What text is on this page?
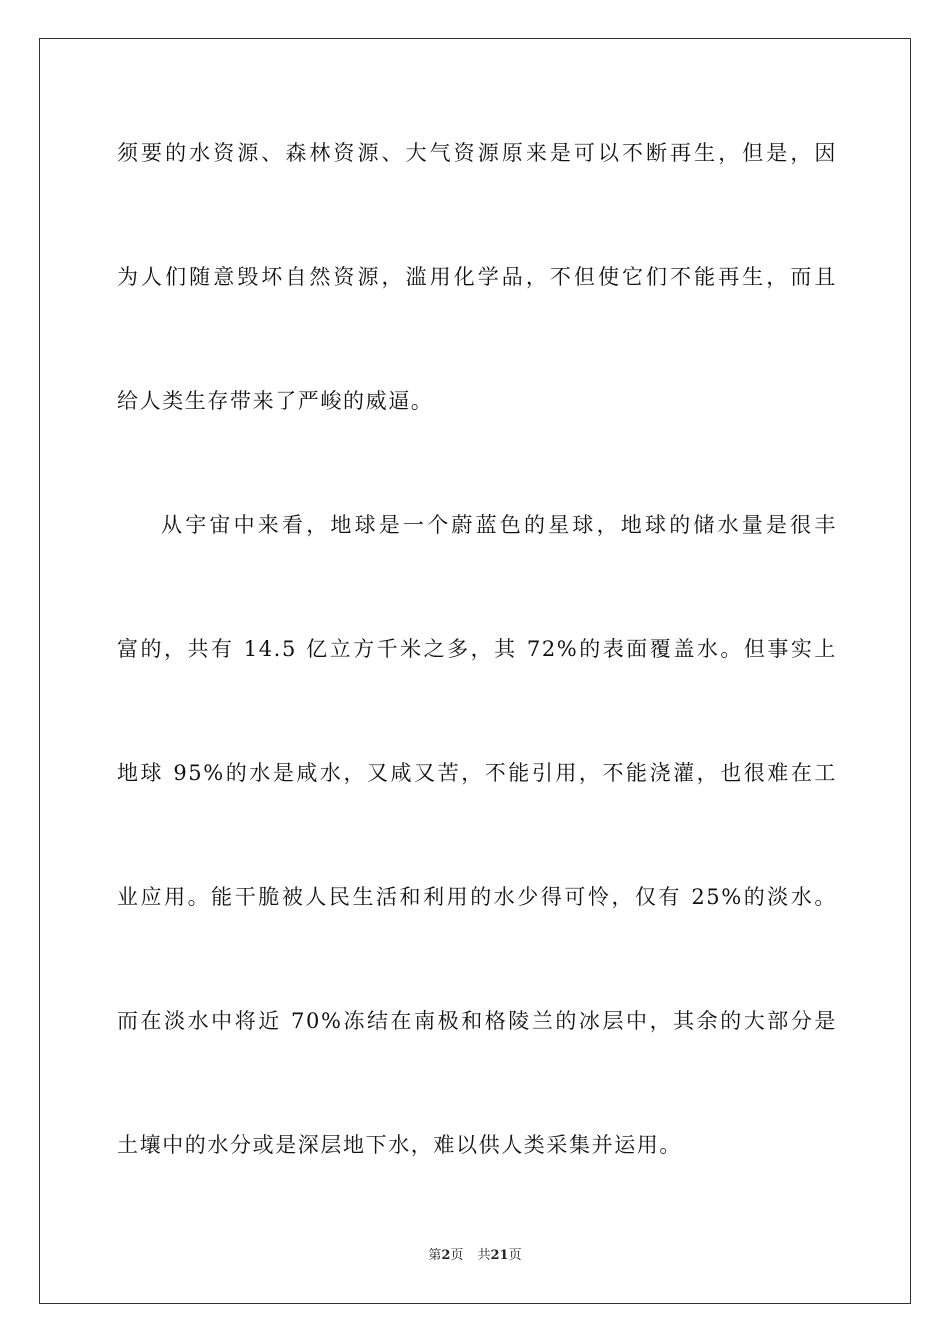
须要的水资源、森林资源、大气资源原来是可以不断再生，但是，因
为人们随意毁坏自然资源，滥用化学品，不但使它们不能再生，而且
给人类生存带来了严峻的威逼。
从宇宙中来看，地球是一个蔚蓝色的星球，地球的储水量是很丰
富的，共有 14.5 亿立方千米之多，其 72%的表面覆盖水。但事实上
地球 95%的水是咸水，又咸又苦，不能引用，不能浇灌，也很难在工
业应用。能干脆被人民生活和利用的水少得可怜，仅有 25%的淡水。
而在淡水中将近 70%冻结在南极和格陵兰的冰层中，其余的大部分是
土壤中的水分或是深层地下水，难以供人类采集并运用。
第2页 共21页
